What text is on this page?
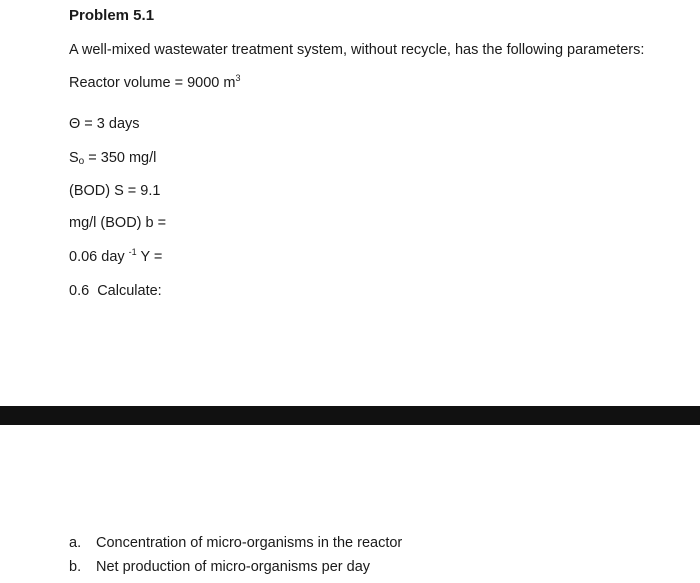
Problem 5.1
A well-mixed wastewater treatment system, without recycle, has the following parameters:
Reactor volume = 9000 $m^3$
Θ = 3 days
$S_o = 350$ mg/l
(BOD) S = 9.1
mg/l (BOD) b =
0.06 day $^{-1}$ Y =
0.6  Calculate:
a. Concentration of micro-organisms in the reactor
b. Net production of micro-organisms per day
